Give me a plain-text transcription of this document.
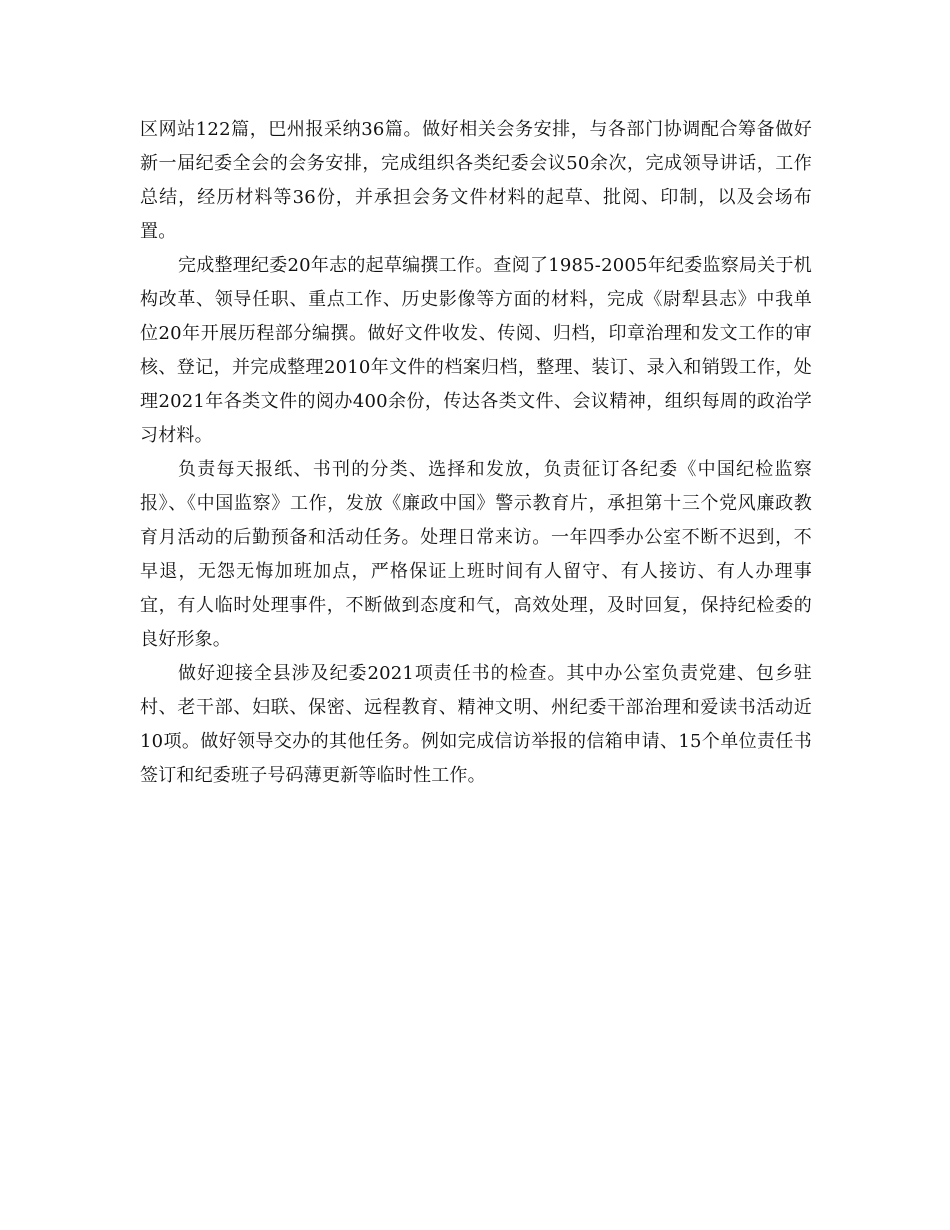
区网站122篇，巴州报采纳36篇。做好相关会务安排，与各部门协调配合筹备做好新一届纪委全会的会务安排，完成组织各类纪委会议50余次，完成领导讲话，工作总结，经历材料等36份，并承担会务文件材料的起草、批阅、印制，以及会场布置。

完成整理纪委20年志的起草编撰工作。查阅了1985-2005年纪委监察局关于机构改革、领导任职、重点工作、历史影像等方面的材料，完成《尉犁县志》中我单位20年开展历程部分编撰。做好文件收发、传阅、归档，印章治理和发文工作的审核、登记，并完成整理2010年文件的档案归档，整理、装订、录入和销毁工作，处理2021年各类文件的阅办400余份，传达各类文件、会议精神，组织每周的政治学习材料。

负责每天报纸、书刊的分类、选择和发放，负责征订各纪委《中国纪检监察报》、《中国监察》工作，发放《廉政中国》警示教育片，承担第十三个党风廉政教育月活动的后勤预备和活动任务。处理日常来访。一年四季办公室不断不迟到，不早退，无怨无悔加班加点，严格保证上班时间有人留守、有人接访、有人办理事宜，有人临时处理事件，不断做到态度和气，高效处理，及时回复，保持纪检委的良好形象。

做好迎接全县涉及纪委2021项责任书的检查。其中办公室负责党建、包乡驻村、老干部、妇联、保密、远程教育、精神文明、州纪委干部治理和爱读书活动近10项。做好领导交办的其他任务。例如完成信访举报的信箱申请、15个单位责任书签订和纪委班子号码薄更新等临时性工作。
